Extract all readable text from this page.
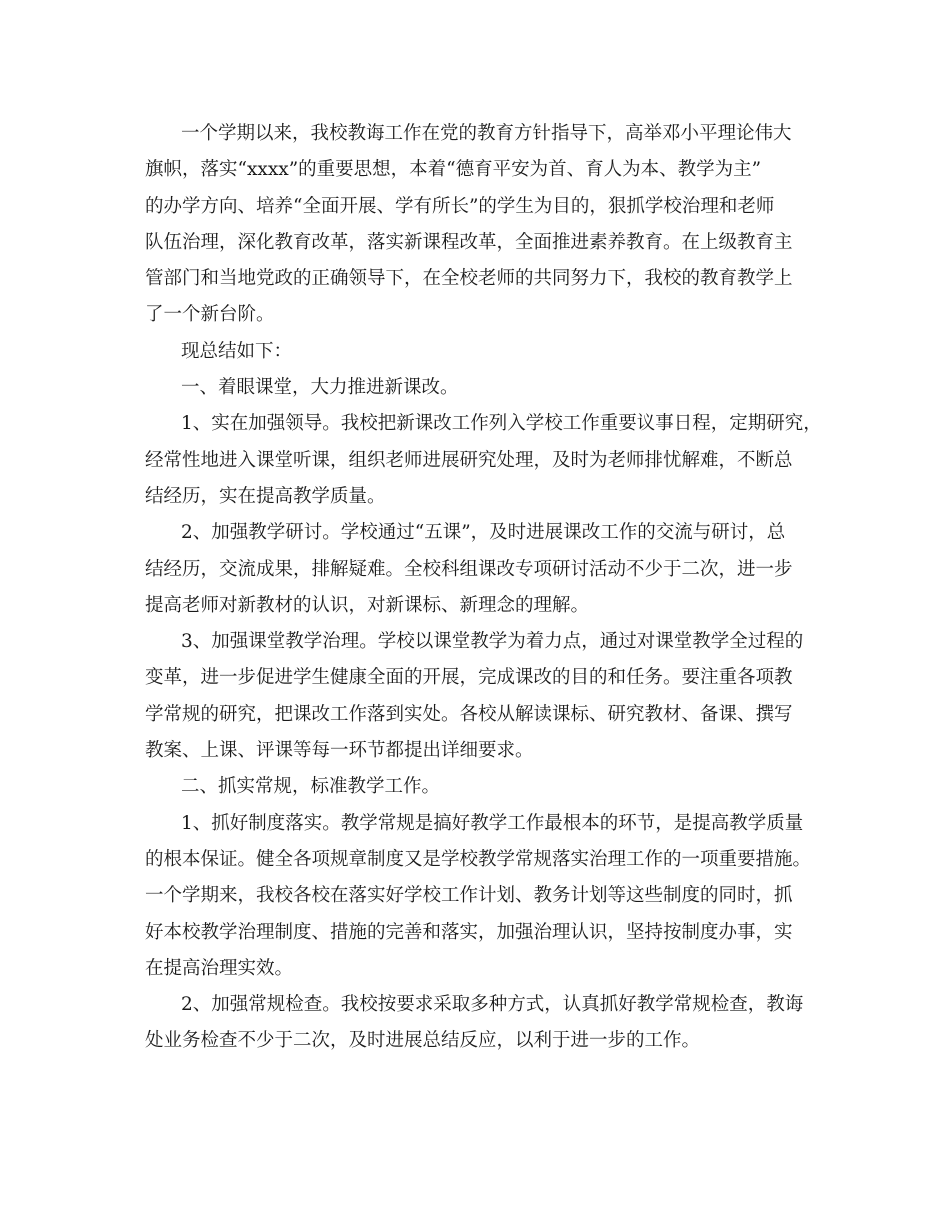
一个学期以来，我校教诲工作在党的教育方针指导下，高举邓小平理论伟大
旗帜，落实“xxxx”的重要思想，本着“德育平安为首、育人为本、教学为主”
的办学方向、培养“全面开展、学有所长”的学生为目的，狠抓学校治理和老师
队伍治理，深化教育改革，落实新课程改革，全面推进素养教育。在上级教育主
管部门和当地党政的正确领导下，在全校老师的共同努力下，我校的教育教学上
了一个新台阶。
现总结如下：
一、着眼课堂，大力推进新课改。
1、实在加强领导。我校把新课改工作列入学校工作重要议事日程，定期研究，
经常性地进入课堂听课，组织老师进展研究处理，及时为老师排忧解难，不断总
结经历，实在提高教学质量。
2、加强教学研讨。学校通过“五课”，及时进展课改工作的交流与研讨，总
结经历，交流成果，排解疑难。全校科组课改专项研讨活动不少于二次，进一步
提高老师对新教材的认识，对新课标、新理念的理解。
3、加强课堂教学治理。学校以课堂教学为着力点，通过对课堂教学全过程的
变革，进一步促进学生健康全面的开展，完成课改的目的和任务。要注重各项教
学常规的研究，把课改工作落到实处。各校从解读课标、研究教材、备课、撰写
教案、上课、评课等每一环节都提出详细要求。
二、抓实常规，标准教学工作。
1、抓好制度落实。教学常规是搞好教学工作最根本的环节，是提高教学质量
的根本保证。健全各项规章制度又是学校教学常规落实治理工作的一项重要措施。
一个学期来，我校各校在落实好学校工作计划、教务计划等这些制度的同时，抓
好本校教学治理制度、措施的完善和落实，加强治理认识，坚持按制度办事，实
在提高治理实效。
2、加强常规检查。我校按要求采取多种方式，认真抓好教学常规检查，教诲
处业务检查不少于二次，及时进展总结反应，以利于进一步的工作。
